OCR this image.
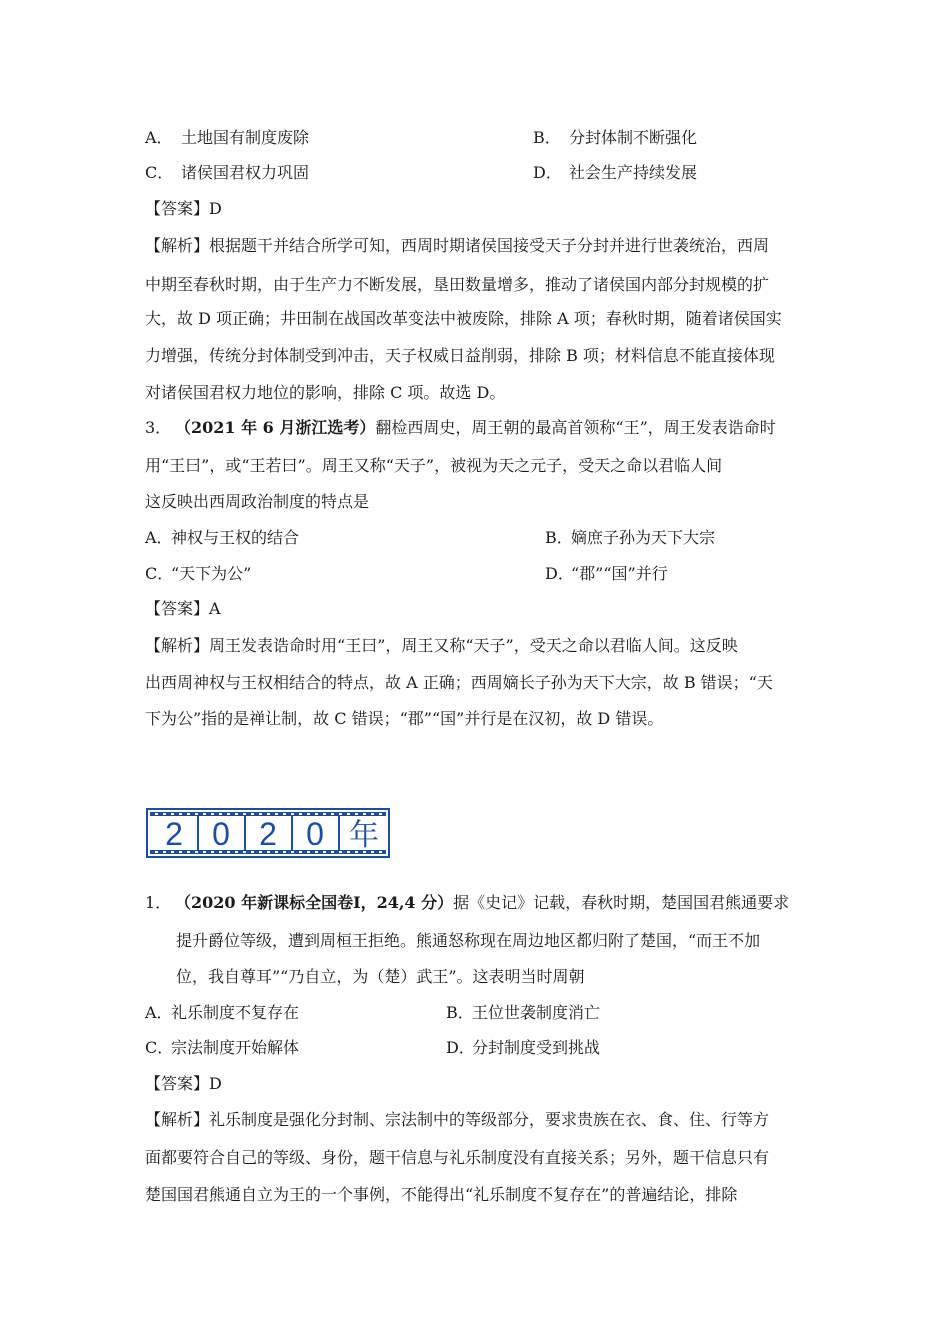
A． 土地国有制度废除	B． 分封体制不断强化
C． 诸侯国君权力巩固	D． 社会生产持续发展
【答案】D
【解析】根据题干并结合所学可知，西周时期诸侯国接受天子分封并进行世袭统治，西周
中期至春秋时期，由于生产力不断发展，垦田数量增多，推动了诸侯国内部分封规模的扩
大，故 D 项正确；井田制在战国改革变法中被废除，排除 A 项；春秋时期，随着诸侯国实
力增强，传统分封体制受到冲击，天子权威日益削弱，排除 B 项；材料信息不能直接体现
对诸侯国君权力地位的影响，排除 C 项。故选 D。
3． （2021 年 6 月浙江选考）翻检西周史，周王朝的最高首领称“王”，周王发表诰命时
用“王曰”，或“王若曰”。周王又称“天子”，被视为天之元子，受天之命以君临人间
这反映出西周政治制度的特点是
A．神权与王权的结合	B．嫡庶子孙为天下大宗
C．“天下为公”	D．“郡”“国”并行
【答案】A
【解析】周王发表诰命时用“王曰”，周王又称“天子”，受天之命以君临人间。这反映
出西周神权与王权相结合的特点，故 A 正确；西周嫡长子孙为天下大宗，故 B 错误；“天
下为公”指的是禅让制，故 C 错误；“郡”“国”并行是在汉初，故 D 错误。
2 0 2 0 年
1． （2020 年新课标全国卷Ⅰ，24,4 分）据《史记》记载，春秋时期，楚国国君熊通要求
提升爵位等级，遭到周桓王拒绝。熊通怒称现在周边地区都归附了楚国，“而王不加
位，我自尊耳”“乃自立，为（楚）武王”。这表明当时周朝
A．礼乐制度不复存在	B．王位世袭制度消亡
C．宗法制度开始解体	D．分封制度受到挑战
【答案】D
【解析】礼乐制度是强化分封制、宗法制中的等级部分，要求贵族在衣、食、住、行等方
面都要符合自己的等级、身份，题干信息与礼乐制度没有直接关系；另外，题干信息只有
楚国国君熊通自立为王的一个事例，不能得出“礼乐制度不复存在”的普遍结论，排除
